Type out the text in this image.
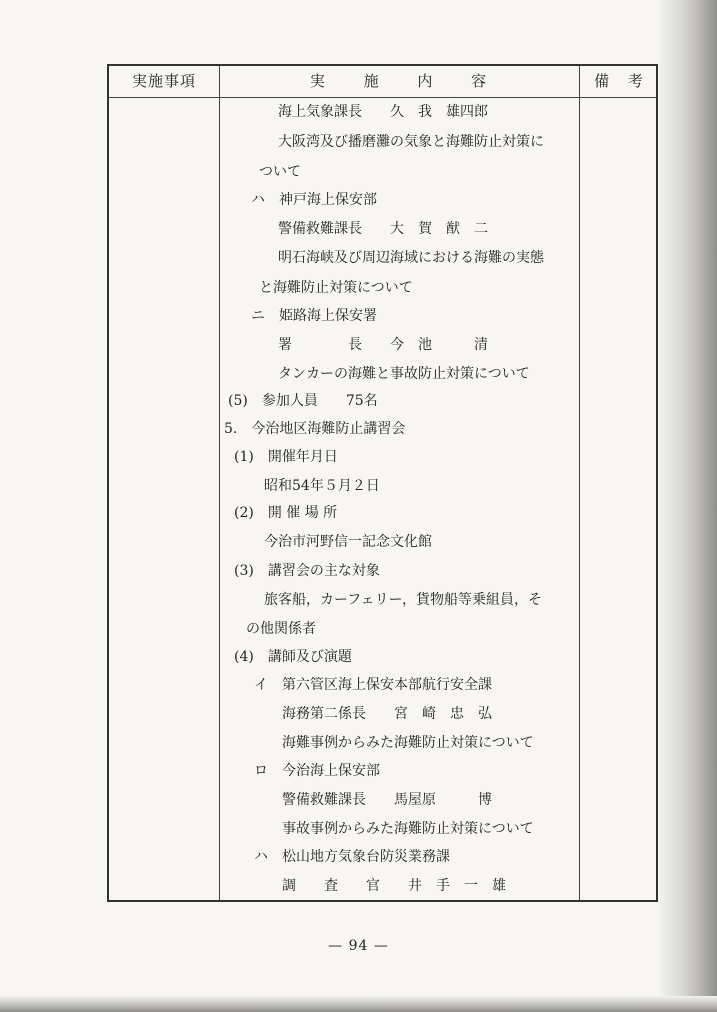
実施事項	実 施 内 容	備 考
海上気象課長　　久　我　雄四郎
大阪湾及び播磨灘の気象と海難防止対策に
ついて
ハ　神戸海上保安部
警備救難課長　　大　賀　猷　二
明石海峡及び周辺海域における海難の実態
と海難防止対策について
ニ　姫路海上保安署
署　　　　長　　今　池　　　清
タンカーの海難と事故防止対策について
(5)　参加人員　　75名
5.　今治地区海難防止講習会
(1)　開催年月日
昭和54年５月２日
(2)　開 催 場 所
今治市河野信一記念文化館
(3)　講習会の主な対象
旅客船，カーフェリー，貨物船等乗組員，そ
の他関係者
(4)　講師及び演題
イ　第六管区海上保安本部航行安全課
海務第二係長　　宮　崎　忠　弘
海難事例からみた海難防止対策について
ロ　今治海上保安部
警備救難課長　　馬屋原　　　博
事故事例からみた海難防止対策について
ハ　松山地方気象台防災業務課
調　　査　　官　　井　手　一　雄
— 94 —
